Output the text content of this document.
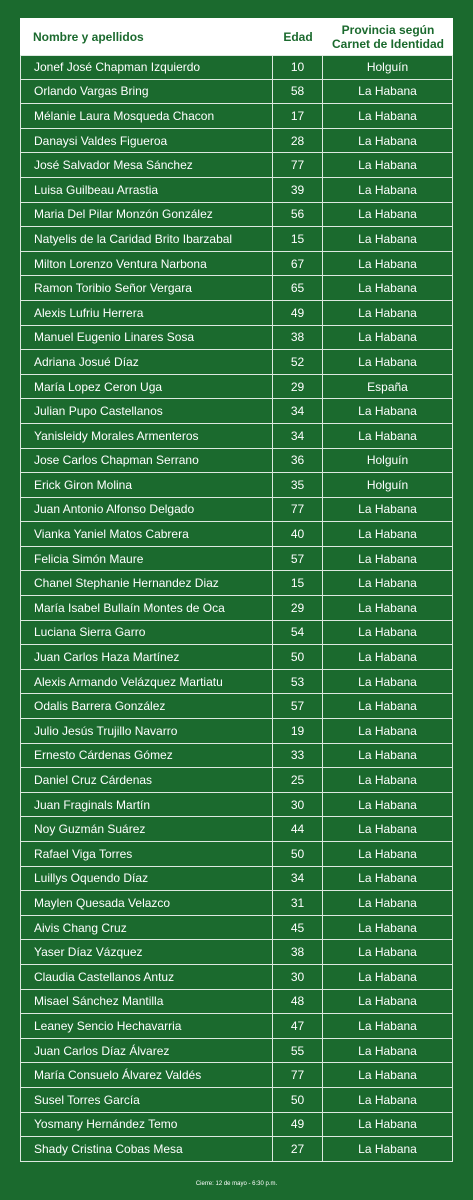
Nombre y apellidos	Edad	Provincia según
Carnet de Identidad
Jonef José Chapman Izquierdo	10	Holguín
Orlando Vargas Bring	58	La Habana
Mélanie Laura Mosqueda Chacon	17	La Habana
Danaysi Valdes Figueroa	28	La Habana
José Salvador Mesa Sánchez	77	La Habana
Luisa Guilbeau Arrastia	39	La Habana
Maria Del Pilar Monzón González	56	La Habana
Natyelis de la Caridad Brito Ibarzabal	15	La Habana
Milton Lorenzo Ventura Narbona	67	La Habana
Ramon Toribio Señor Vergara	65	La Habana
Alexis Lufriu Herrera	49	La Habana
Manuel Eugenio Linares Sosa	38	La Habana
Adriana Josué Díaz	52	La Habana
María Lopez Ceron Uga	29	España
Julian Pupo Castellanos	34	La Habana
Yanisleidy Morales Armenteros	34	La Habana
Jose Carlos Chapman Serrano	36	Holguín
Erick Giron Molina	35	Holguín
Juan Antonio Alfonso Delgado	77	La Habana
Vianka Yaniel Matos Cabrera	40	La Habana
Felicia Simón Maure	57	La Habana
Chanel Stephanie Hernandez Diaz	15	La Habana
María Isabel Bullaín Montes de Oca	29	La Habana
Luciana Sierra Garro	54	La Habana
Juan Carlos Haza Martínez	50	La Habana
Alexis Armando Velázquez Martiatu	53	La Habana
Odalis Barrera González	57	La Habana
Julio Jesús Trujillo Navarro	19	La Habana
Ernesto Cárdenas Gómez	33	La Habana
Daniel Cruz Cárdenas	25	La Habana
Juan Fraginals Martín	30	La Habana
Noy Guzmán Suárez	44	La Habana
Rafael Viga Torres	50	La Habana
Luillys Oquendo Díaz	34	La Habana
Maylen Quesada Velazco	31	La Habana
Aivis Chang Cruz	45	La Habana
Yaser Díaz Vázquez	38	La Habana
Claudia Castellanos Antuz	30	La Habana
Misael Sánchez Mantilla	48	La Habana
Leaney Sencio Hechavarria	47	La Habana
Juan Carlos Díaz Álvarez	55	La Habana
María Consuelo Álvarez Valdés	77	La Habana
Susel Torres García	50	La Habana
Yosmany Hernández Temo	49	La Habana
Shady Cristina Cobas Mesa	27	La Habana
Cierre: 12 de mayo - 6:30 p.m.
